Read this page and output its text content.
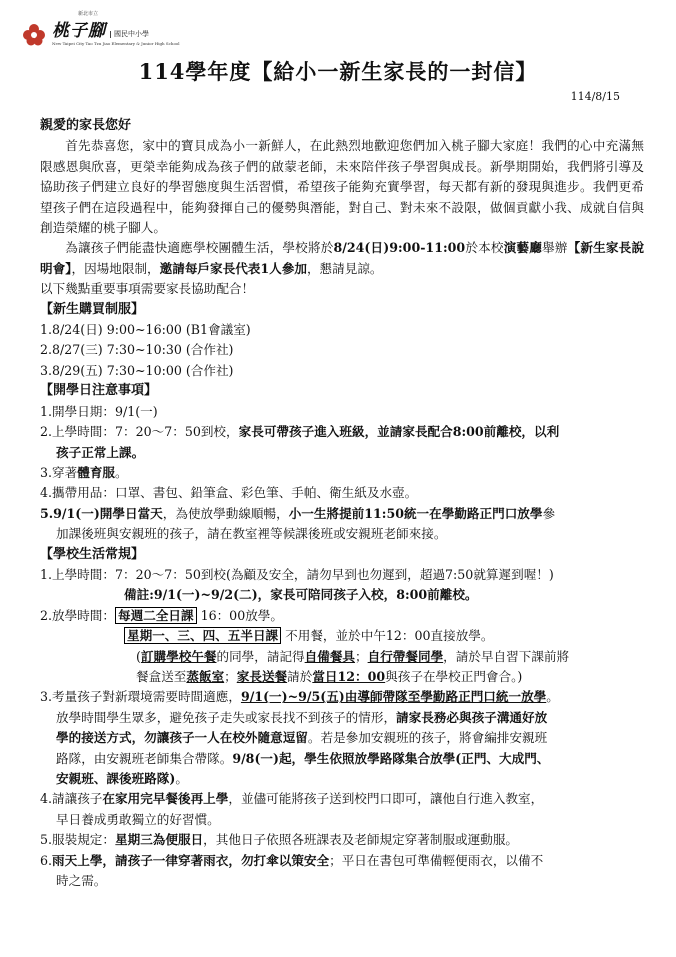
新北市立
桃子腳	國民中小學
New Taipei City Tao Tzu Jiao Elementary & Junior High School
114學年度【給小一新生家長的一封信】
114/8/15

親愛的家長您好

首先恭喜您，家中的寶貝成為小一新鮮人，在此熱烈地歡迎您們加入桃子腳大家庭！我們的心中充滿無限感恩與欣喜，更榮幸能夠成為孩子們的啟蒙老師，未來陪伴孩子學習與成長。新學期開始，我們將引導及協助孩子們建立良好的學習態度與生活習慣，希望孩子能夠充實學習，每天都有新的發現與進步。我們更希望孩子們在這段過程中，能夠發揮自己的優勢與潛能，對自己、對未來不設限，做個貢獻小我、成就自信與創造榮耀的桃子腳人。

為讓孩子們能盡快適應學校團體生活，學校將於8/24(日)9:00-11:00於本校演藝廳舉辦【新生家長說明會】，因場地限制，邀請每戶家長代表1人參加，懇請見諒。

以下幾點重要事項需要家長協助配合！

【新生購買制服】

1.8/24(日) 9:00~16:00 (B1會議室)

2.8/27(三) 7:30~10:30 (合作社)

3.8/29(五) 7:30~10:00 (合作社)

【開學日注意事項】

1.開學日期：9/1(一)

2.上學時間：7：20～7：50到校，家長可帶孩子進入班級，並請家長配合8:00前離校，以利

孩子正常上課。

3.穿著體育服。

4.攜帶用品：口罩、書包、鉛筆盒、彩色筆、手帕、衛生紙及水壺。

5.9/1(一)開學日當天，為使放學動線順暢，小一生將提前11:50統一在學勤路正門口放學參

加課後班與安親班的孩子，請在教室裡等候課後班或安親班老師來接。

【學校生活常規】

1.上學時間：7：20～7：50到校(為顧及安全，請勿早到也勿遲到，超過7:50就算遲到喔！)

備註:9/1(一)~9/2(二)，家長可陪同孩子入校，8:00前離校。

2.放學時間： 每週二全日課 16：00放學。

星期一、三、四、五半日課 不用餐，並於中午12：00直接放學。

(訂購學校午餐的同學，請記得自備餐具；自行帶餐同學，請於早自習下課前將

餐盒送至蒸飯室；家長送餐請於當日12：00與孩子在學校正門會合。)

3.考量孩子對新環境需要時間適應，9/1(一)~9/5(五)由導師帶隊至學勤路正門口統一放學。

放學時間學生眾多，避免孩子走失或家長找不到孩子的情形，請家長務必與孩子溝通好放

學的接送方式，勿讓孩子一人在校外隨意逗留。若是參加安親班的孩子，將會編排安親班

路隊，由安親班老師集合帶隊。9/8(一)起，學生依照放學路隊集合放學(正門、大成門、

安親班、課後班路隊)。

4.請讓孩子在家用完早餐後再上學，並儘可能將孩子送到校門口即可，讓他自行進入教室，

早日養成勇敢獨立的好習慣。

5.服裝規定：星期三為便服日，其他日子依照各班課表及老師規定穿著制服或運動服。

6.雨天上學，請孩子一律穿著雨衣，勿打傘以策安全；平日在書包可準備輕便雨衣，以備不

時之需。
